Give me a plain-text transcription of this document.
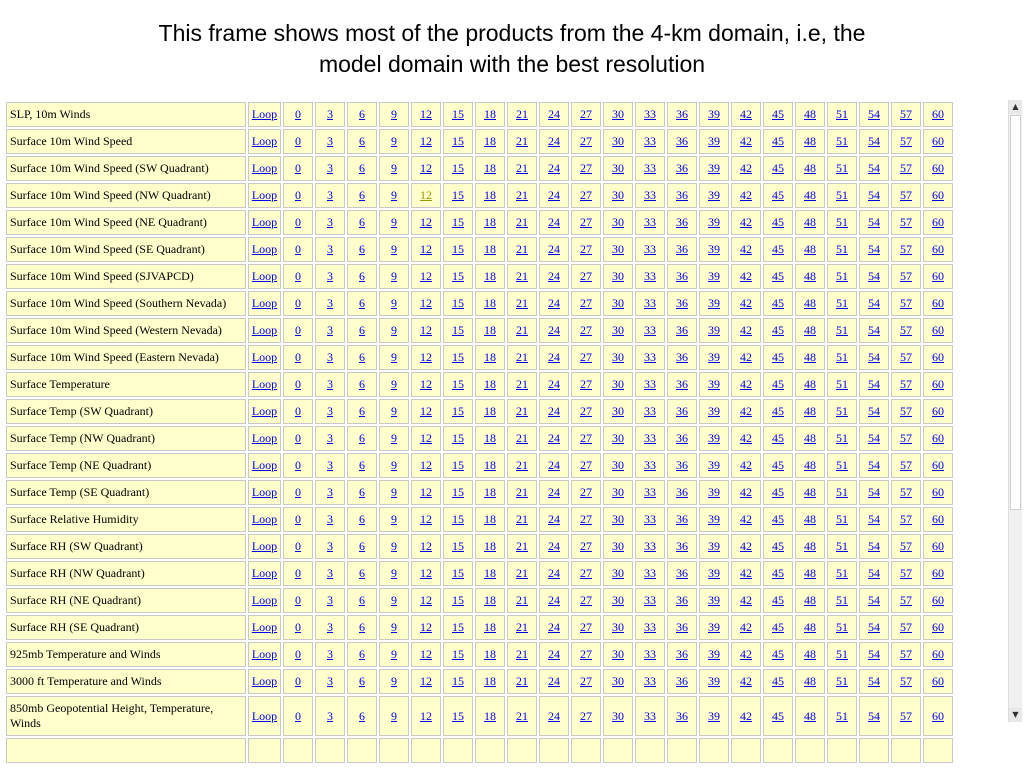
This frame shows most of the products from the 4-km domain, i.e, the
model domain with the best resolution
SLP, 10m Winds	Loop	0	3	6	9	12	15	18	21	24	27	30	33	36	39	42	45	48	51	54	57	60
Surface 10m Wind Speed	Loop	0	3	6	9	12	15	18	21	24	27	30	33	36	39	42	45	48	51	54	57	60
Surface 10m Wind Speed (SW Quadrant)	Loop	0	3	6	9	12	15	18	21	24	27	30	33	36	39	42	45	48	51	54	57	60
Surface 10m Wind Speed (NW Quadrant)	Loop	0	3	6	9	12	15	18	21	24	27	30	33	36	39	42	45	48	51	54	57	60
Surface 10m Wind Speed (NE Quadrant)	Loop	0	3	6	9	12	15	18	21	24	27	30	33	36	39	42	45	48	51	54	57	60
Surface 10m Wind Speed (SE Quadrant)	Loop	0	3	6	9	12	15	18	21	24	27	30	33	36	39	42	45	48	51	54	57	60
Surface 10m Wind Speed (SJVAPCD)	Loop	0	3	6	9	12	15	18	21	24	27	30	33	36	39	42	45	48	51	54	57	60
Surface 10m Wind Speed (Southern Nevada)	Loop	0	3	6	9	12	15	18	21	24	27	30	33	36	39	42	45	48	51	54	57	60
Surface 10m Wind Speed (Western Nevada)	Loop	0	3	6	9	12	15	18	21	24	27	30	33	36	39	42	45	48	51	54	57	60
Surface 10m Wind Speed (Eastern Nevada)	Loop	0	3	6	9	12	15	18	21	24	27	30	33	36	39	42	45	48	51	54	57	60
Surface Temperature	Loop	0	3	6	9	12	15	18	21	24	27	30	33	36	39	42	45	48	51	54	57	60
Surface Temp (SW Quadrant)	Loop	0	3	6	9	12	15	18	21	24	27	30	33	36	39	42	45	48	51	54	57	60
Surface Temp (NW Quadrant)	Loop	0	3	6	9	12	15	18	21	24	27	30	33	36	39	42	45	48	51	54	57	60
Surface Temp (NE Quadrant)	Loop	0	3	6	9	12	15	18	21	24	27	30	33	36	39	42	45	48	51	54	57	60
Surface Temp (SE Quadrant)	Loop	0	3	6	9	12	15	18	21	24	27	30	33	36	39	42	45	48	51	54	57	60
Surface Relative Humidity	Loop	0	3	6	9	12	15	18	21	24	27	30	33	36	39	42	45	48	51	54	57	60
Surface RH (SW Quadrant)	Loop	0	3	6	9	12	15	18	21	24	27	30	33	36	39	42	45	48	51	54	57	60
Surface RH (NW Quadrant)	Loop	0	3	6	9	12	15	18	21	24	27	30	33	36	39	42	45	48	51	54	57	60
Surface RH (NE Quadrant)	Loop	0	3	6	9	12	15	18	21	24	27	30	33	36	39	42	45	48	51	54	57	60
Surface RH (SE Quadrant)	Loop	0	3	6	9	12	15	18	21	24	27	30	33	36	39	42	45	48	51	54	57	60
925mb Temperature and Winds	Loop	0	3	6	9	12	15	18	21	24	27	30	33	36	39	42	45	48	51	54	57	60
3000 ft Temperature and Winds	Loop	0	3	6	9	12	15	18	21	24	27	30	33	36	39	42	45	48	51	54	57	60
850mb Geopotential Height, Temperature, Winds	Loop	0	3	6	9	12	15	18	21	24	27	30	33	36	39	42	45	48	51	54	57	60

▲
▼
